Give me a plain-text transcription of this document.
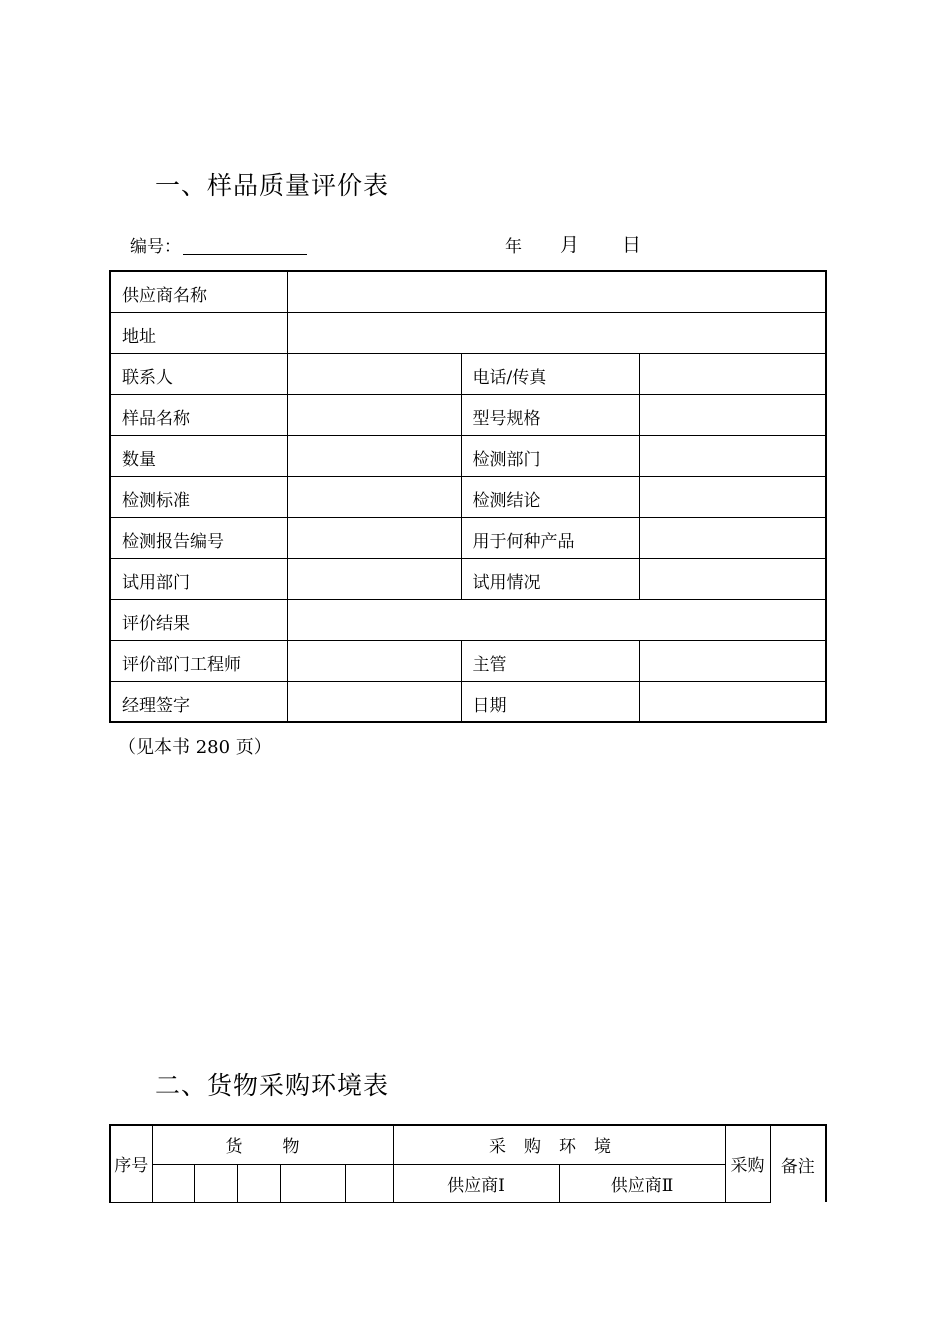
一、样品质量评价表
编号：	年 月 日
供应商名称			
地址			
联系人		电话/传真	
样品名称		型号规格	
数量		检测部门	
检测标准		检测结论	
检测报告编号		用于何种产品	
试用部门		试用情况	
评价结果			
评价部门工程师		主管	
经理签字		日期	
（见本书 280 页）
二、货物采购环境表
序号	货物					采购环境		采购	备注
						供应商Ⅰ	供应商Ⅱ		
